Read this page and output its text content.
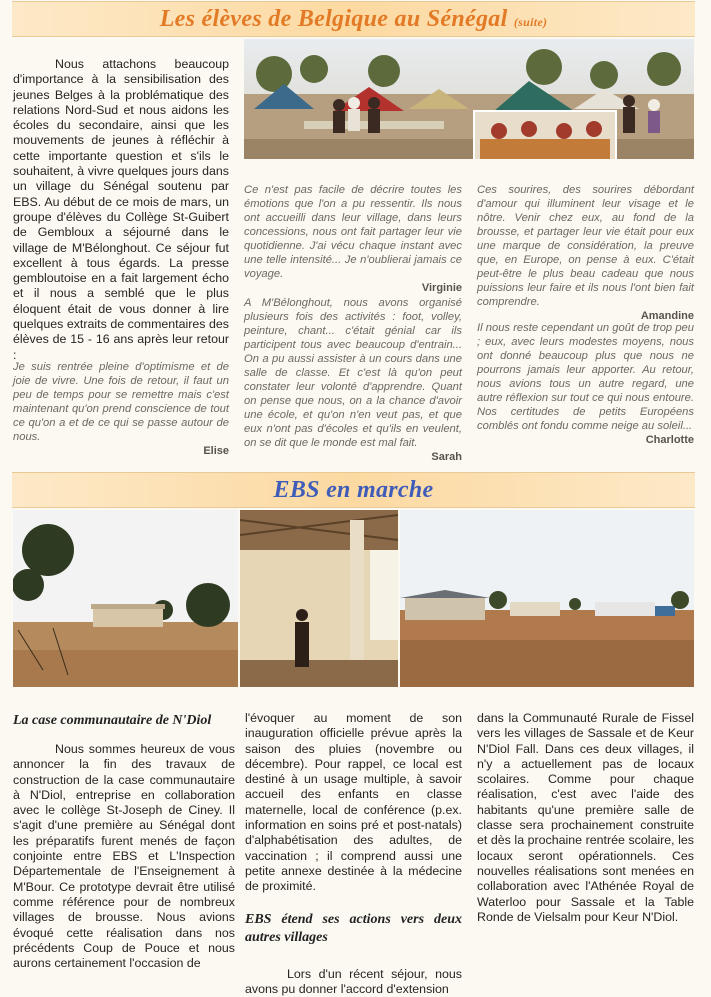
Les élèves de Belgique au Sénégal (suite)
Nous attachons beaucoup d'importance à la sensibilisation des jeunes Belges à la problématique des relations Nord-Sud et nous aidons les écoles du secondaire, ainsi que les mouvements de jeunes à réfléchir à cette importante question et s'ils le souhaitent, à vivre quelques jours dans un village du Sénégal soutenu par EBS. Au début de ce mois de mars, un groupe d'élèves du Collège St-Guibert de Gembloux a séjourné dans le village de M'Bélonghout. Ce séjour fut excellent à tous égards. La presse gembloutoise en a fait largement écho et il nous a semblé que le plus éloquent était de vous donner à lire quelques extraits de commentaires des élèves de 15 - 16 ans après leur retour :
Je suis rentrée pleine d'optimisme et de joie de vivre. Une fois de retour, il faut un peu de temps pour se remettre mais c'est maintenant qu'on prend conscience de tout ce qu'on a et de ce qui se passe autour de nous.
Elise
Ce n'est pas facile de décrire toutes les émotions que l'on a pu ressentir. Ils nous ont accueilli dans leur village, dans leurs concessions, nous ont fait partager leur vie quotidienne. J'ai vécu chaque instant avec une telle intensité... Je n'oublierai jamais ce voyage.
Virginie
A M'Bélonghout, nous avons organisé plusieurs fois des activités : foot, volley, peinture, chant... c'était génial car ils participent tous avec beaucoup d'entrain... On a pu aussi assister à un cours dans une salle de classe. Et c'est là qu'on peut constater leur volonté d'apprendre. Quant on pense que nous, on a la chance d'avoir une école, et qu'on n'en veut pas, et que eux n'ont pas d'écoles et qu'ils en veulent, on se dit que le monde est mal fait.
Sarah
Ces sourires, des sourires débordant d'amour qui illuminent leur visage et le nôtre. Venir chez eux, au fond de la brousse, et partager leur vie était pour eux une marque de considération, la preuve que, en Europe, on pense à eux. C'était peut-être le plus beau cadeau que nous puissions leur faire et ils nous l'ont bien fait comprendre.
Amandine
Il nous reste cependant un goût de trop peu ; eux, avec leurs modestes moyens, nous ont donné beaucoup plus que nous ne pourrons jamais leur apporter. Au retour, nous avions tous un autre regard, une autre réflexion sur tout ce qui nous entoure. Nos certitudes de petits Européens comblés ont fondu comme neige au soleil...
Charlotte
EBS en marche
La case communautaire de N'Diol
Nous sommes heureux de vous annoncer la fin des travaux de construction de la case communautaire à N'Diol, entreprise en collaboration avec le collège St-Joseph de Ciney. Il s'agit d'une première au Sénégal dont les préparatifs furent menés de façon conjointe entre EBS et L'Inspection Départementale de l'Enseignement à M'Bour. Ce prototype devrait être utilisé comme référence pour de nombreux villages de brousse. Nous avions évoqué cette réalisation dans nos précédents Coup de Pouce et nous aurons certainement l'occasion de
l'évoquer au moment de son inauguration officielle prévue après la saison des pluies (novembre ou décembre). Pour rappel, ce local est destiné à un usage multiple, à savoir accueil des enfants en classe maternelle, local de conférence (p.ex. information en soins pré et post-natals) d'alphabétisation des adultes, de vaccination ; il comprend aussi une petite annexe destinée à la médecine de proximité.
EBS étend ses actions vers deux autres villages
Lors d'un récent séjour, nous avons pu donner l'accord d'extension
dans la Communauté Rurale de Fissel vers les villages de Sassale et de Keur N'Diol Fall. Dans ces deux villages, il n'y a actuellement pas de locaux scolaires. Comme pour chaque réalisation, c'est avec l'aide des habitants qu'une première salle de classe sera prochainement construite et dès la prochaine rentrée scolaire, les locaux seront opérationnels. Ces nouvelles réalisations sont menées en collaboration avec l'Athénée Royal de Waterloo pour Sassale et la Table Ronde de Vielsalm pour Keur N'Diol.
